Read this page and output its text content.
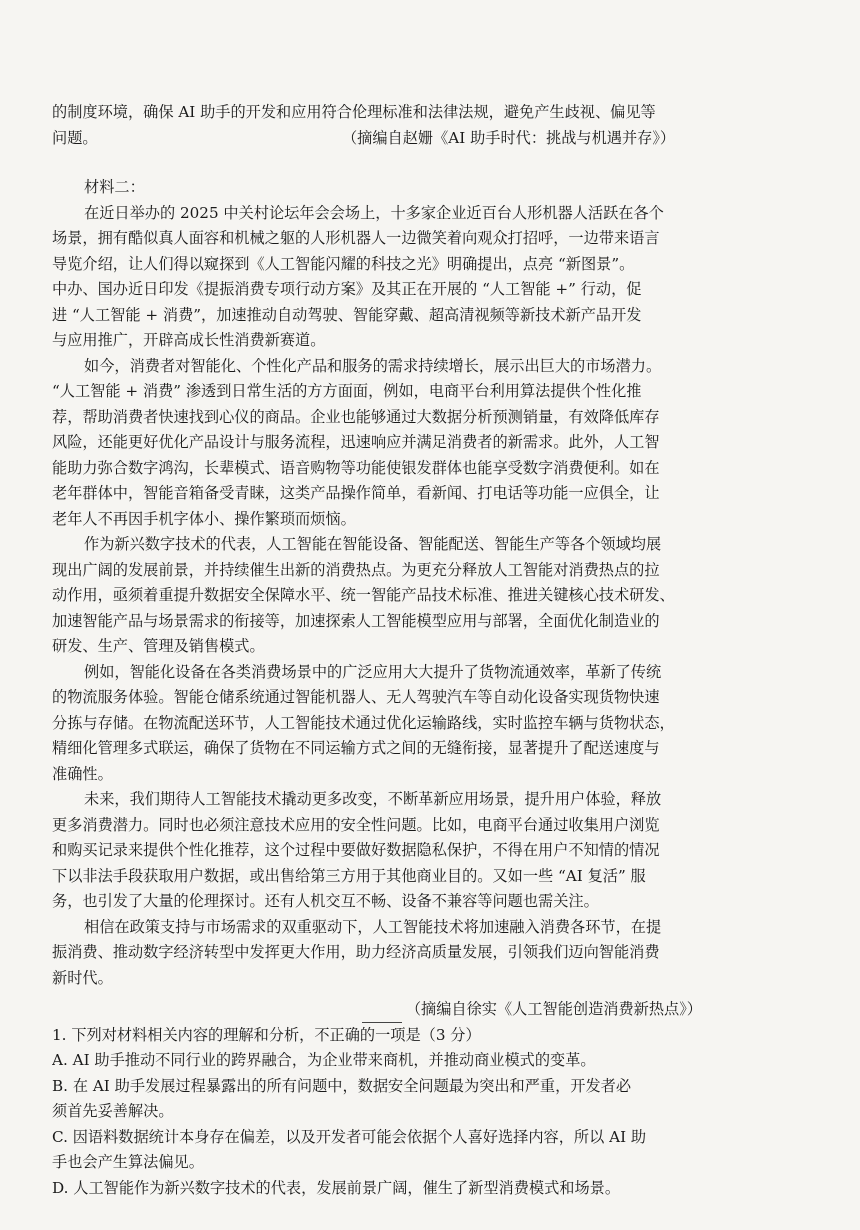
的制度环境，确保 AI 助手的开发和应用符合伦理标准和法律法规，避免产生歧视、偏见等
问题。	（摘编自赵姗《AI 助手时代：挑战与机遇并存》）
材料二：
在近日举办的 2025 中关村论坛年会会场上，十多家企业近百台人形机器人活跃在各个
场景，拥有酷似真人面容和机械之躯的人形机器人一边微笑着向观众打招呼，一边带来语言
导览介绍，让人们得以窥探到《人工智能闪耀的科技之光》明确提出，点亮 “新图景”。
中办、国办近日印发《提振消费专项行动方案》及其正在开展的 “人工智能 +” 行动，促
进 “人工智能 + 消费”，加速推动自动驾驶、智能穿戴、超高清视频等新技术新产品开发
与应用推广，开辟高成长性消费新赛道。
如今，消费者对智能化、个性化产品和服务的需求持续增长，展示出巨大的市场潜力。
“人工智能 + 消费” 渗透到日常生活的方方面面，例如，电商平台利用算法提供个性化推
荐，帮助消费者快速找到心仪的商品。企业也能够通过大数据分析预测销量，有效降低库存
风险，还能更好优化产品设计与服务流程，迅速响应并满足消费者的新需求。此外，人工智
能助力弥合数字鸿沟，长辈模式、语音购物等功能使银发群体也能享受数字消费便利。如在
老年群体中，智能音箱备受青睐，这类产品操作简单，看新闻、打电话等功能一应俱全，让
老年人不再因手机字体小、操作繁琐而烦恼。
作为新兴数字技术的代表，人工智能在智能设备、智能配送、智能生产等各个领域均展
现出广阔的发展前景，并持续催生出新的消费热点。为更充分释放人工智能对消费热点的拉
动作用，亟须着重提升数据安全保障水平、统一智能产品技术标准、推进关键核心技术研发、
加速智能产品与场景需求的衔接等，加速探索人工智能模型应用与部署，全面优化制造业的
研发、生产、管理及销售模式。
例如，智能化设备在各类消费场景中的广泛应用大大提升了货物流通效率，革新了传统
的物流服务体验。智能仓储系统通过智能机器人、无人驾驶汽车等自动化设备实现货物快速
分拣与存储。在物流配送环节，人工智能技术通过优化运输路线，实时监控车辆与货物状态，
精细化管理多式联运，确保了货物在不同运输方式之间的无缝衔接，显著提升了配送速度与
准确性。
未来，我们期待人工智能技术撬动更多改变，不断革新应用场景，提升用户体验，释放
更多消费潜力。同时也必须注意技术应用的安全性问题。比如，电商平台通过收集用户浏览
和购买记录来提供个性化推荐，这个过程中要做好数据隐私保护，不得在用户不知情的情况
下以非法手段获取用户数据，或出售给第三方用于其他商业目的。又如一些 “AI 复活” 服
务，也引发了大量的伦理探讨。还有人机交互不畅、设备不兼容等问题也需关注。
相信在政策支持与市场需求的双重驱动下，人工智能技术将加速融入消费各环节，在提
振消费、推动数字经济转型中发挥更大作用，助力经济高质量发展，引领我们迈向智能消费
新时代。
（摘编自徐实《人工智能创造消费新热点》）
1. 下列对材料相关内容的理解和分析，不正确的一项是（3 分）
A. AI 助手推动不同行业的跨界融合，为企业带来商机，并推动商业模式的变革。
B. 在 AI 助手发展过程暴露出的所有问题中，数据安全问题最为突出和严重，开发者必
须首先妥善解决。
C. 因语料数据统计本身存在偏差，以及开发者可能会依据个人喜好选择内容，所以 AI 助
手也会产生算法偏见。
D. 人工智能作为新兴数字技术的代表，发展前景广阔，催生了新型消费模式和场景。
